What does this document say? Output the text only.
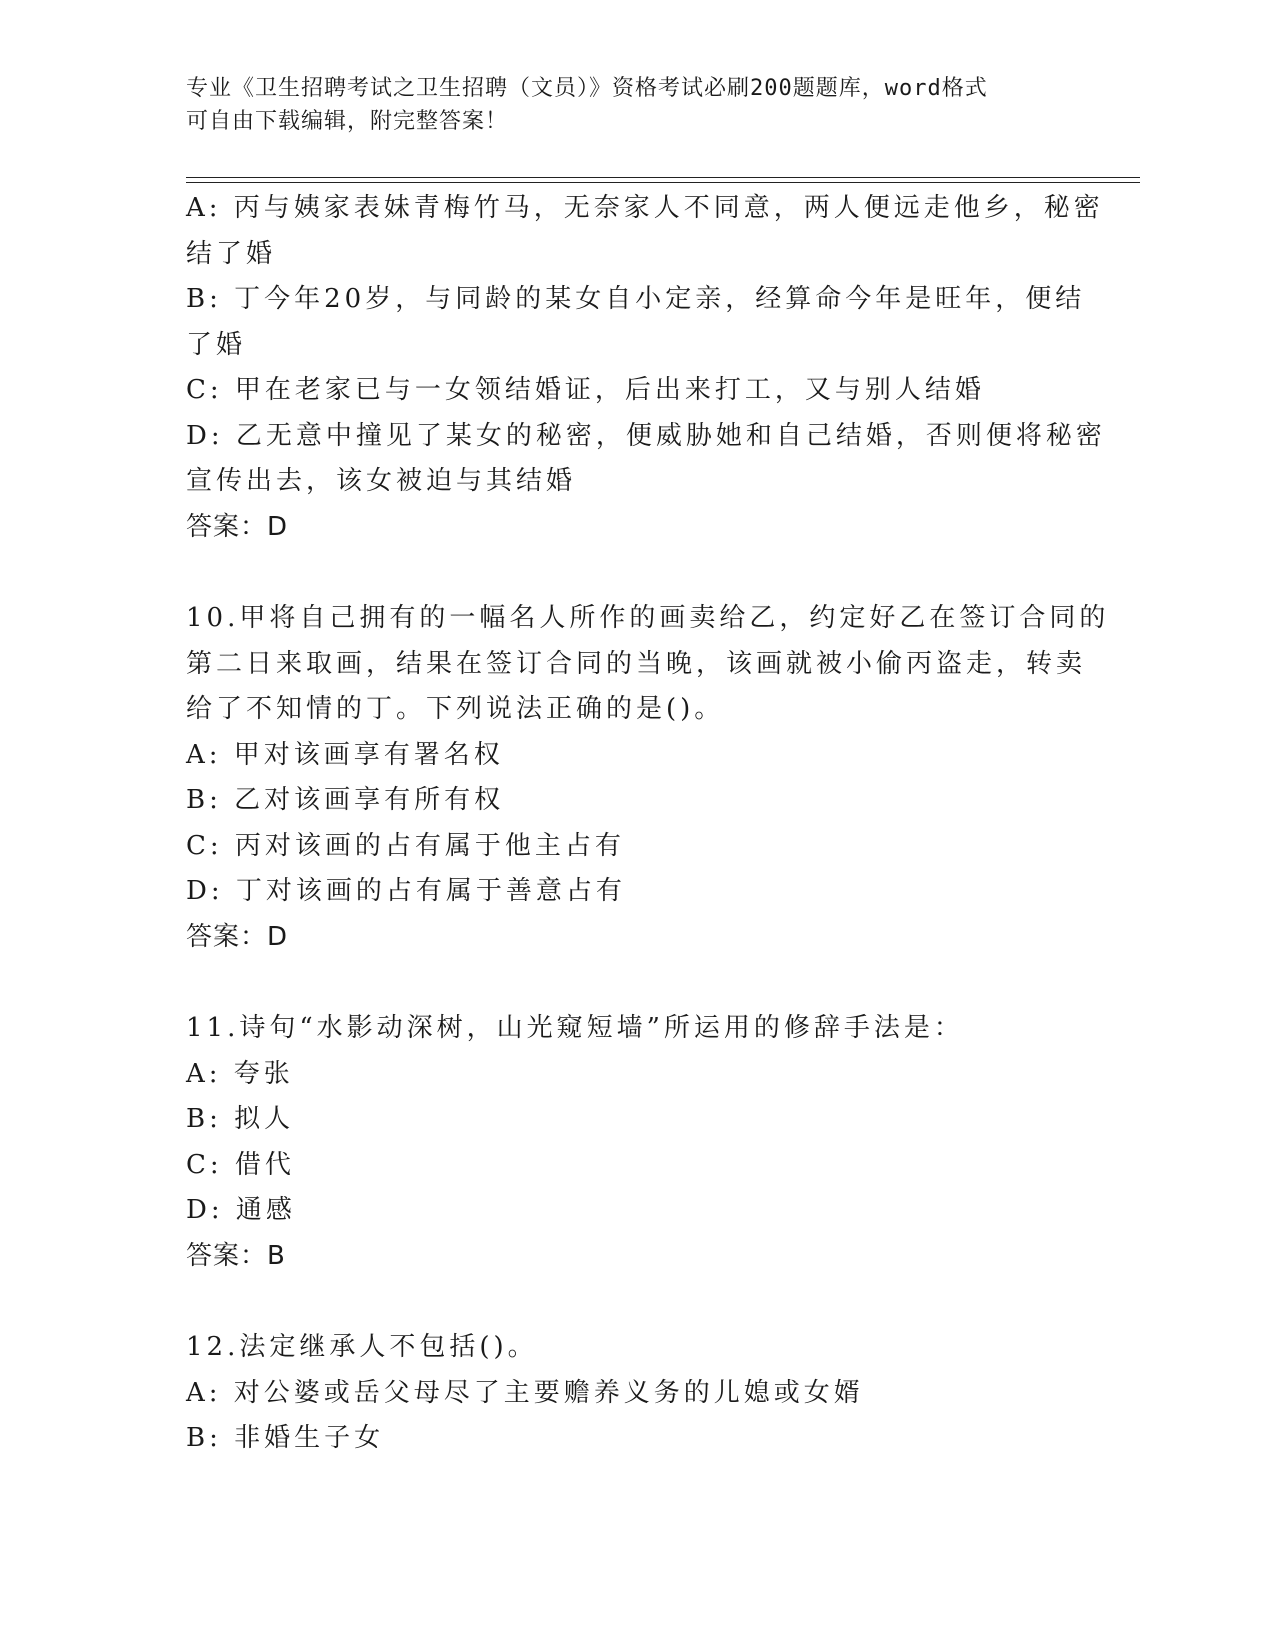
专业《卫生招聘考试之卫生招聘（文员）》资格考试必刷200题题库，word格式
可自由下载编辑，附完整答案！
A: 丙与姨家表妹青梅竹马，无奈家人不同意，两人便远走他乡，秘密
结了婚
B: 丁今年20岁，与同龄的某女自小定亲，经算命今年是旺年，便结
了婚
C: 甲在老家已与一女领结婚证，后出来打工，又与别人结婚
D: 乙无意中撞见了某女的秘密，便威胁她和自己结婚，否则便将秘密
宣传出去，该女被迫与其结婚
答案：D
10.甲将自己拥有的一幅名人所作的画卖给乙，约定好乙在签订合同的
第二日来取画，结果在签订合同的当晚，该画就被小偷丙盗走，转卖
给了不知情的丁。下列说法正确的是()。
A: 甲对该画享有署名权
B: 乙对该画享有所有权
C: 丙对该画的占有属于他主占有
D: 丁对该画的占有属于善意占有
答案：D
11.诗句“水影动深树，山光窥短墙”所运用的修辞手法是：
A: 夸张
B: 拟人
C: 借代
D: 通感
答案：B
12.法定继承人不包括()。
A: 对公婆或岳父母尽了主要赡养义务的儿媳或女婿
B: 非婚生子女
